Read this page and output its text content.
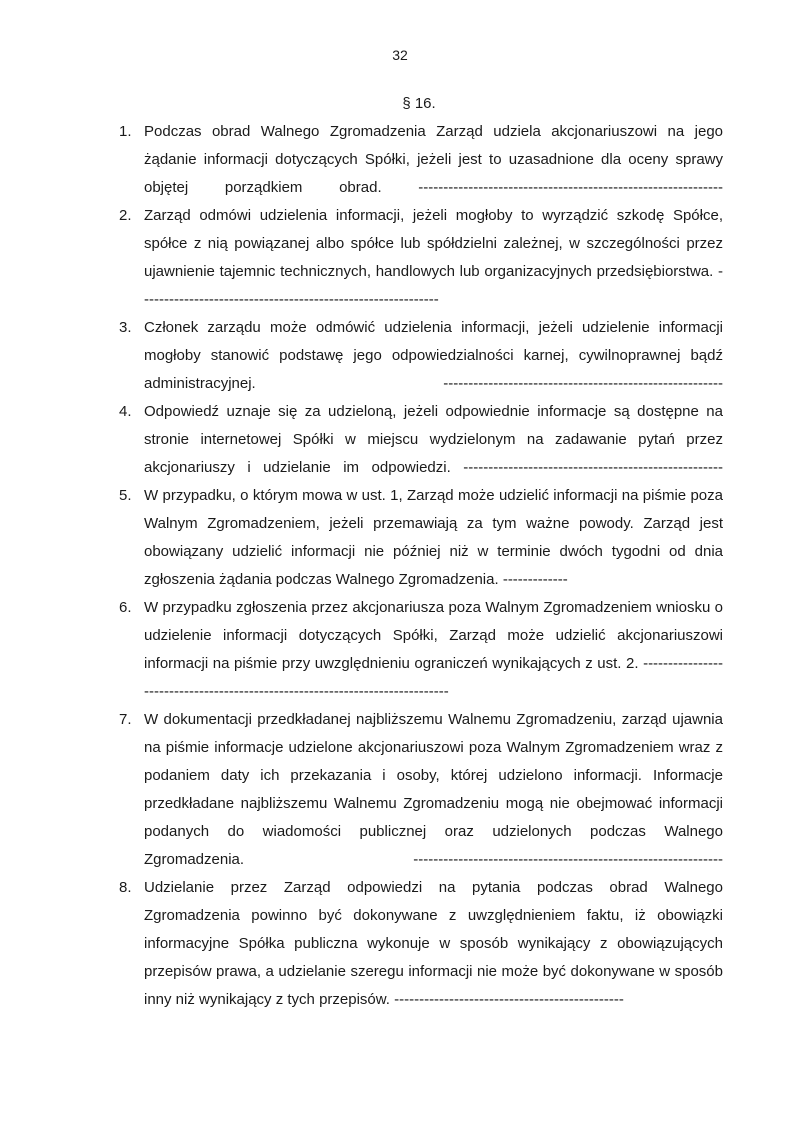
32
§ 16.
1. Podczas obrad Walnego Zgromadzenia Zarząd udziela akcjonariuszowi na jego żądanie informacji dotyczących Spółki, jeżeli jest to uzasadnione dla oceny sprawy objętej porządkiem obrad. -------------------------------------------------------------
2. Zarząd odmówi udzielenia informacji, jeżeli mogłoby to wyrządzić szkodę Spółce, spółce z nią powiązanej albo spółce lub spółdzielni zależnej, w szczególności przez ujawnienie tajemnic technicznych, handlowych lub organizacyjnych przedsiębiorstwa. ------------------------------------------------------------
3. Członek zarządu może odmówić udzielenia informacji, jeżeli udzielenie informacji mogłoby stanowić podstawę jego odpowiedzialności karnej, cywilnoprawnej bądź administracyjnej. --------------------------------------------------------
4. Odpowiedź uznaje się za udzieloną, jeżeli odpowiednie informacje są dostępne na stronie internetowej Spółki w miejscu wydzielonym na zadawanie pytań przez akcjonariuszy i udzielanie im odpowiedzi. ----------------------------------------------------
5. W przypadku, o którym mowa w ust. 1, Zarząd może udzielić informacji na piśmie poza Walnym Zgromadzeniem, jeżeli przemawiają za tym ważne powody. Zarząd jest obowiązany udzielić informacji nie później niż w terminie dwóch tygodni od dnia zgłoszenia żądania podczas Walnego Zgromadzenia. -------------
6. W przypadku zgłoszenia przez akcjonariusza poza Walnym Zgromadzeniem wniosku o udzielenie informacji dotyczących Spółki, Zarząd może udzielić akcjonariuszowi informacji na piśmie przy uwzględnieniu ograniczeń wynikających z ust. 2. -----------------------------------------------------------------------------
7. W dokumentacji przedkładanej najbliższemu Walnemu Zgromadzeniu, zarząd ujawnia na piśmie informacje udzielone akcjonariuszowi poza Walnym Zgromadzeniem wraz z podaniem daty ich przekazania i osoby, której udzielono informacji. Informacje przedkładane najbliższemu Walnemu Zgromadzeniu mogą nie obejmować informacji podanych do wiadomości publicznej oraz udzielonych podczas Walnego Zgromadzenia. --------------------------------------------------------------
8. Udzielanie przez Zarząd odpowiedzi na pytania podczas obrad Walnego Zgromadzenia powinno być dokonywane z uwzględnieniem faktu, iż obowiązki informacyjne Spółka publiczna wykonuje w sposób wynikający z obowiązujących przepisów prawa, a udzielanie szeregu informacji nie może być dokonywane w sposób inny niż wynikający z tych przepisów. ----------------------------------------------
